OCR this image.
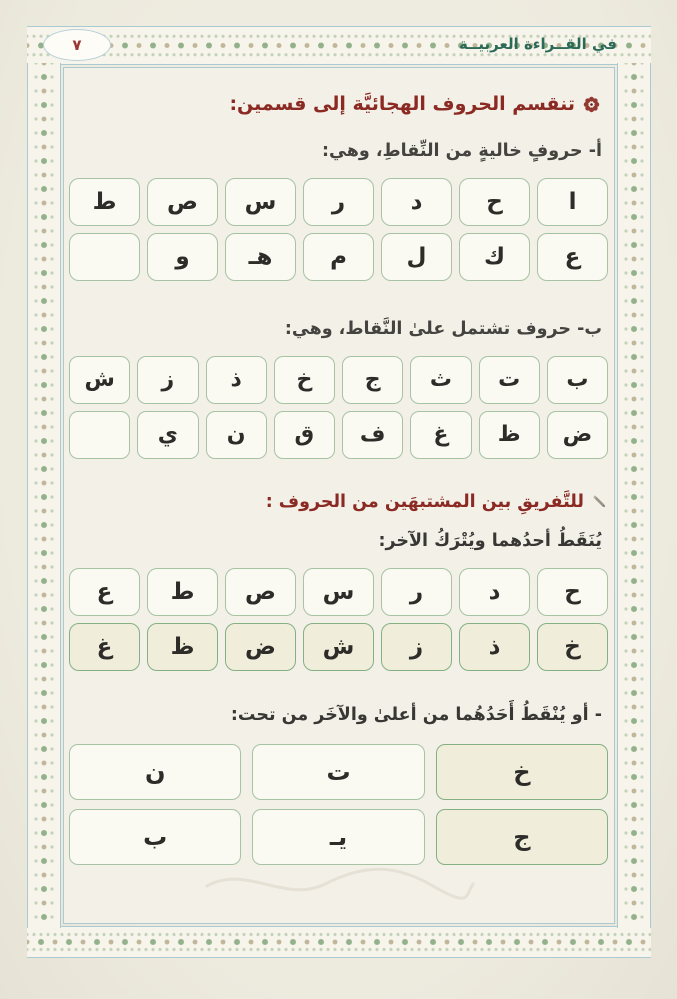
في القــراءة العربيــة
٧
تنقسم الحروف الهجائيَّة إلى قسمين:
أ- حروفٍ خاليةٍ من النِّقاطِ، وهي:
ا
ح
د
ر
س
ص
ط
ع
ك
ل
م
هـ
و
ب- حروف تشتمل علىٰ النَّقاط، وهي:
ب
ت
ث
ج
خ
ذ
ز
ش
ض
ظ
غ
ف
ق
ن
ي
للتَّفريقِ بين المشتبهَين من الحروف :
يُنَقَطُ أحدُهما ويُتْرَكُ الآخر:
ح
د
ر
س
ص
ط
ع
خ
ذ
ز
ش
ض
ظ
غ
- أو يُنْقَطُ أَحَدُهُما من أعلىٰ والآخَر من تحت:
خ
ت
ن
ج
يـ
ب
